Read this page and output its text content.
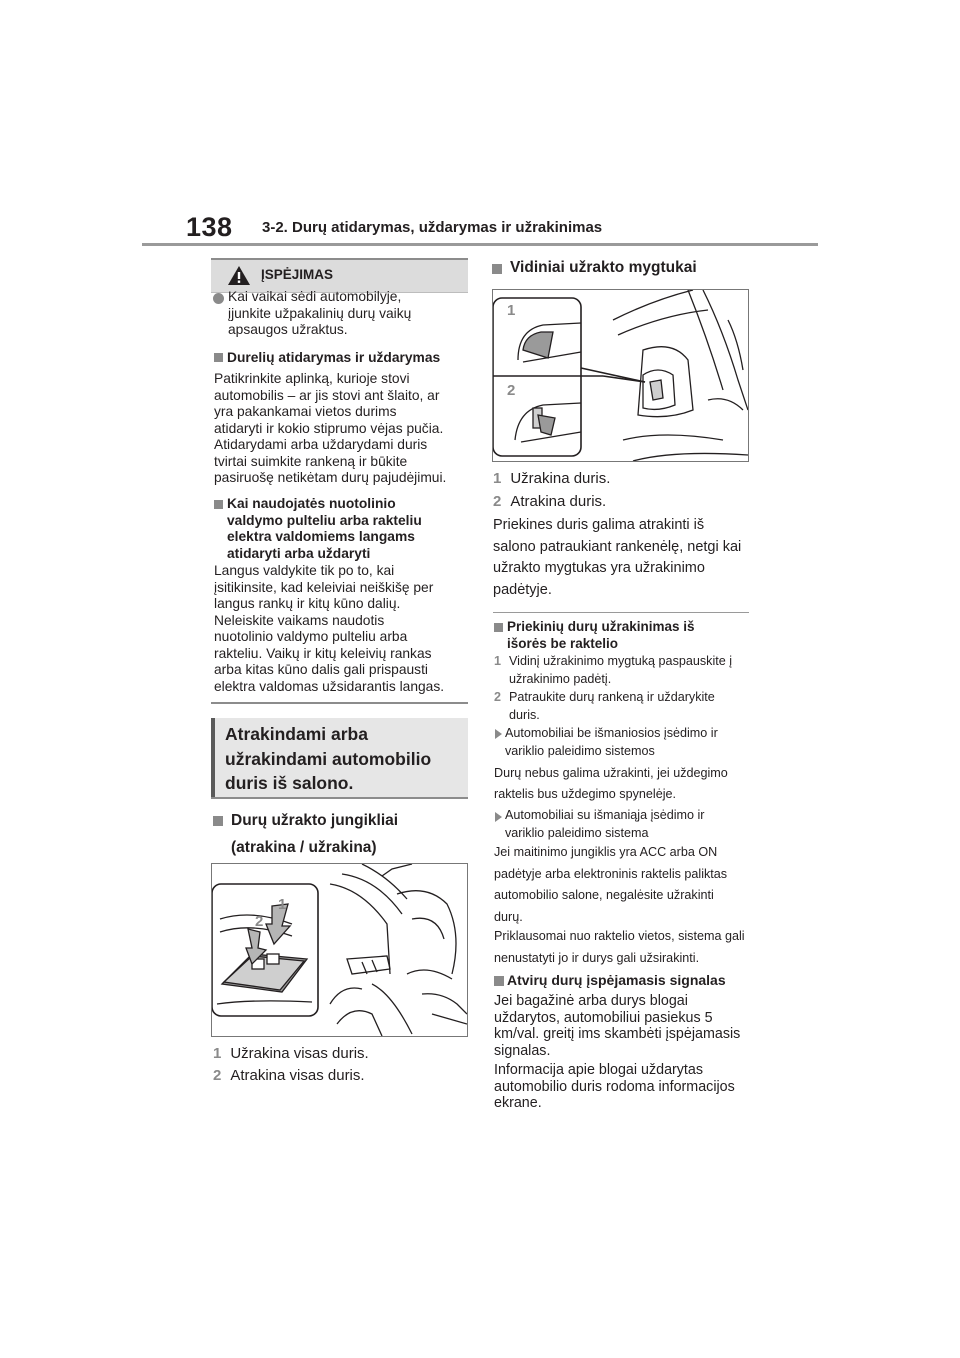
138 3-2. Durų atidarymas, uždarymas ir užrakinimas
ĮSPĖJIMAS
Kai vaikai sėdi automobilyje,
įjunkite užpakalinių durų vaikų
apsaugos užraktus.
Durelių atidarymas ir uždarymas
Patikrinkite aplinką, kurioje stovi
automobilis – ar jis stovi ant šlaito, ar
yra pakankamai vietos durims
atidaryti ir kokio stiprumo vėjas pučia.
Atidarydami arba uždarydami duris
tvirtai suimkite rankeną ir būkite
pasiruošę netikėtam durų pajudėjimui.
Kai naudojatės nuotolinio
valdymo pulteliu arba rakteliu
elektra valdomiems langams
atidaryti arba uždaryti
Langus valdykite tik po to, kai
įsitikinsite, kad keleiviai neiškišę per
langus rankų ir kitų kūno dalių.
Neleiskite vaikams naudotis
nuotolinio valdymo pulteliu arba
rakteliu. Vaikų ir kitų keleivių rankas
arba kitas kūno dalis gali prispausti
elektra valdomas užsidarantis langas.
Atrakindami arba
užrakindami automobilio
duris iš salono.
Durų užrakto jungikliai
(atrakina / užrakina)
1
2
1 Užrakina visas duris.
2 Atrakina visas duris.
Vidiniai užrakto mygtukai
1
2
1 Užrakina duris.
2 Atrakina duris.
Priekines duris galima atrakinti iš
salono patraukiant rankenėlę, netgi kai
užrakto mygtukas yra užrakinimo
padėtyje.
Priekinių durų užrakinimas iš
išorės be raktelio
1 Vidinį užrakinimo mygtuką paspauskite į
užrakinimo padėtį.
2 Patraukite durų rankeną ir uždarykite
duris.
Automobiliai be išmaniosios įsėdimo ir
variklio paleidimo sistemos
Durų nebus galima užrakinti, jei uždegimo
raktelis bus uždegimo spynelėje.
Automobiliai su išmaniąja įsėdimo ir
variklio paleidimo sistema
Jei maitinimo jungiklis yra ACC arba ON
padėtyje arba elektroninis raktelis paliktas
automobilio salone, negalėsite užrakinti
durų.
Priklausomai nuo raktelio vietos, sistema gali
nenustatyti jo ir durys gali užsirakinti.
Atvirų durų įspėjamasis signalas
Jei bagažinė arba durys blogai
uždarytos, automobiliui pasiekus 5
km/val. greitį ims skambėti įspėjamasis
signalas.
Informacija apie blogai uždarytas
automobilio duris rodoma informacijos
ekrane.
